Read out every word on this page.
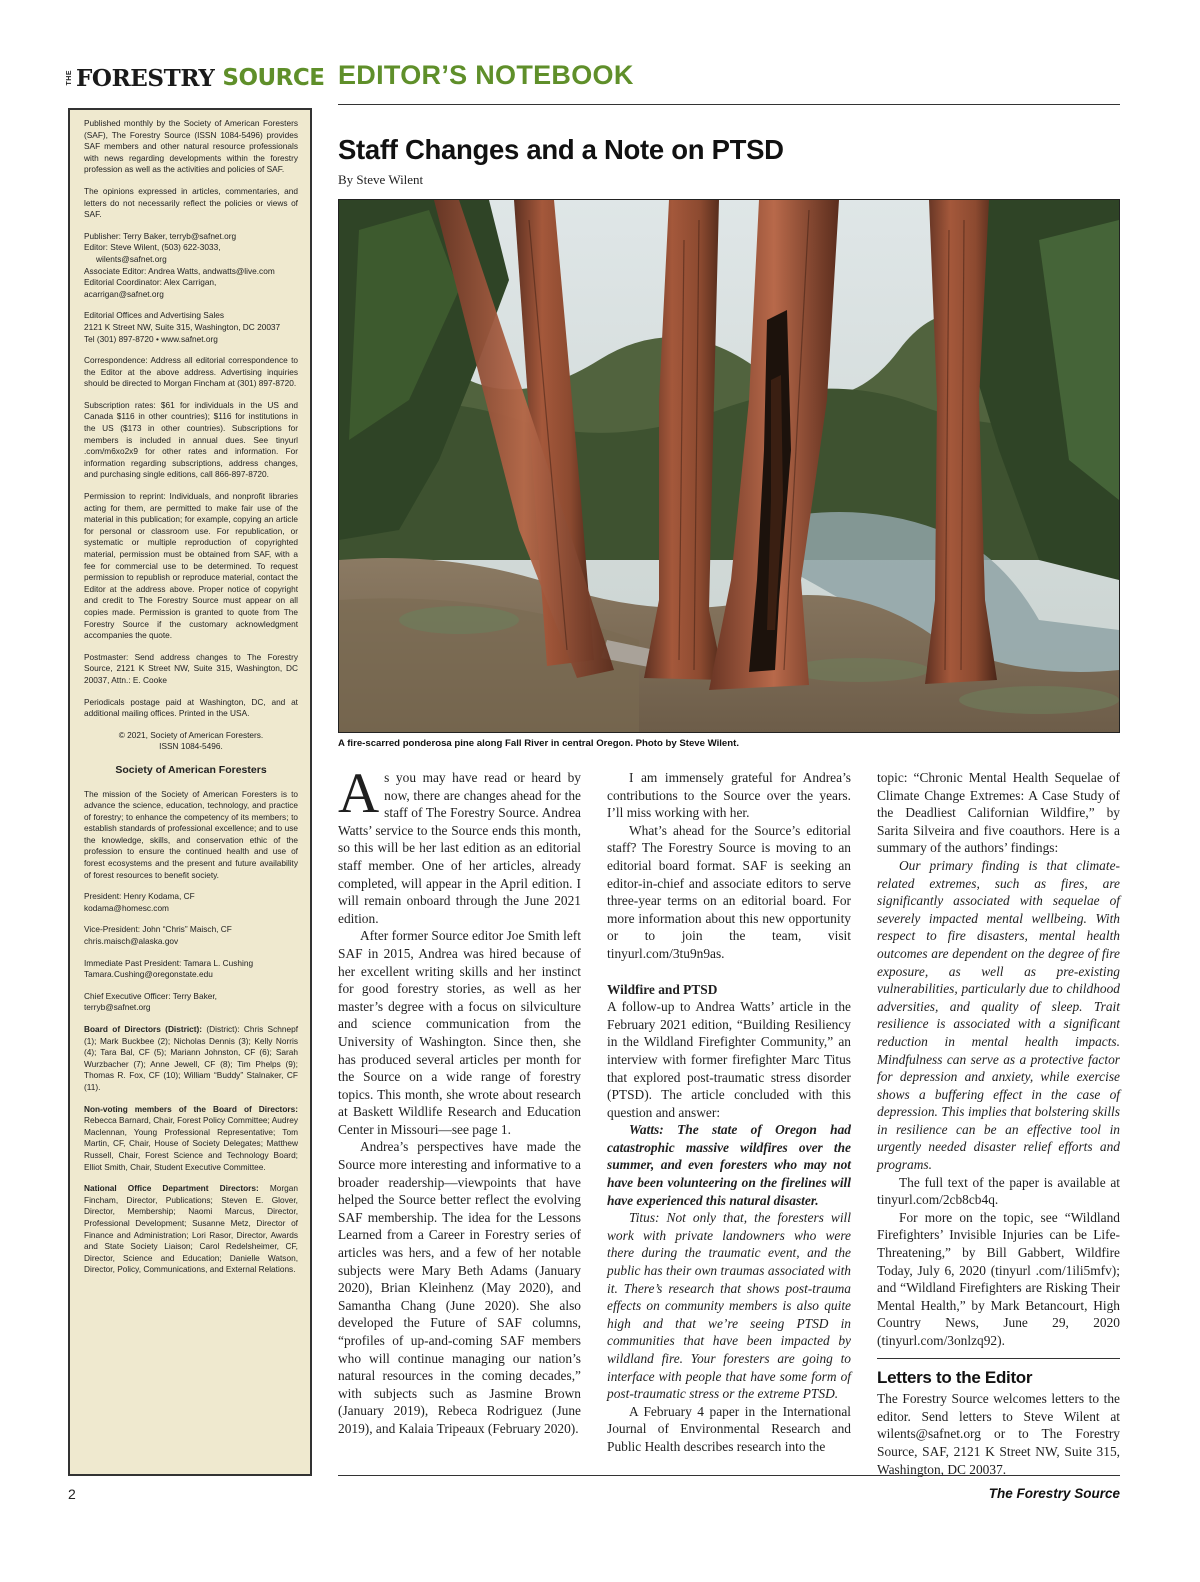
THE FORESTRY SOURCE EDITOR’S NOTEBOOK

Published monthly by the Society of American Foresters (SAF), The Forestry Source (ISSN 1084-5496) provides SAF members and other natural resource professionals with news regarding developments within the forestry profession as well as the activities and policies of SAF.

The opinions expressed in articles, commentaries, and letters do not necessarily reflect the policies or views of SAF.

Publisher: Terry Baker, terryb@safnet.org
Editor: Steve Wilent, (503) 622-3033,
wilents@safnet.org
Associate Editor: Andrea Watts, andwatts@live.com
Editorial Coordinator: Alex Carrigan,
acarrigan@safnet.org

Editorial Offices and Advertising Sales
2121 K Street NW, Suite 315, Washington, DC 20037
Tel (301) 897-8720 • www.safnet.org

Correspondence: Address all editorial correspondence to the Editor at the above address. Advertising inquiries should be directed to Morgan Fincham at (301) 897-8720.

Subscription rates: $61 for individuals in the US and Canada $116 in other countries); $116 for institutions in the US ($173 in other countries). Subscriptions for members is included in annual dues. See tinyurl .com/m6xo2x9 for other rates and information. For information regarding subscriptions, address changes, and purchasing single editions, call 866-897-8720.

Permission to reprint: Individuals, and nonprofit libraries acting for them, are permitted to make fair use of the material in this publication; for example, copying an article for personal or classroom use. For republication, or systematic or multiple reproduction of copyrighted material, permission must be obtained from SAF, with a fee for commercial use to be determined. To request permission to republish or reproduce material, contact the Editor at the address above. Proper notice of copyright and credit to The Forestry Source must appear on all copies made. Permission is granted to quote from The Forestry Source if the customary acknowledgment accompanies the quote.

Postmaster: Send address changes to The Forestry Source, 2121 K Street NW, Suite 315, Washington, DC 20037, Attn.: E. Cooke

Periodicals postage paid at Washington, DC, and at additional mailing offices. Printed in the USA.

© 2021, Society of American Foresters.
ISSN 1084-5496.

Society of American Foresters

The mission of the Society of American Foresters is to advance the science, education, technology, and practice of forestry; to enhance the competency of its members; to establish standards of professional excellence; and to use the knowledge, skills, and conservation ethic of the profession to ensure the continued health and use of forest ecosystems and the present and future availability of forest resources to benefit society.

President: Henry Kodama, CF
kodama@homesc.com

Vice-President: John “Chris” Maisch, CF
chris.maisch@alaska.gov

Immediate Past President: Tamara L. Cushing
Tamara.Cushing@oregonstate.edu

Chief Executive Officer: Terry Baker,
terryb@safnet.org

Board of Directors (District): (District): Chris Schnepf (1); Mark Buckbee (2); Nicholas Dennis (3); Kelly Norris (4); Tara Bal, CF (5); Mariann Johnston, CF (6); Sarah Wurzbacher (7); Anne Jewell, CF (8); Tim Phelps (9); Thomas R. Fox, CF (10); William “Buddy” Stalnaker, CF (11).

Non-voting members of the Board of Directors: Rebecca Barnard, Chair, Forest Policy Committee; Audrey Maclennan, Young Professional Representative; Tom Martin, CF, Chair, House of Society Delegates; Matthew Russell, Chair, Forest Science and Technology Board; Elliot Smith, Chair, Student Executive Committee.

National Office Department Directors: Morgan Fincham, Director, Publications; Steven E. Glover, Director, Membership; Naomi Marcus, Director, Professional Development; Susanne Metz, Director of Finance and Administration; Lori Rasor, Director, Awards and State Society Liaison; Carol Redelsheimer, CF, Director, Science and Education; Danielle Watson, Director, Policy, Communications, and External Relations.

Staff Changes and a Note on PTSD
By Steve Wilent
A fire-scarred ponderosa pine along Fall River in central Oregon. Photo by Steve Wilent.

As you may have read or heard by now, there are changes ahead for the staff of The Forestry Source. Andrea Watts’ service to the Source ends this month, so this will be her last edition as an editorial staff member. One of her articles, already completed, will appear in the April edition. I will remain onboard through the June 2021 edition.

After former Source editor Joe Smith left SAF in 2015, Andrea was hired because of her excellent writing skills and her instinct for good forestry stories, as well as her master’s degree with a focus on silviculture and science communication from the University of Washington. Since then, she has produced several articles per month for the Source on a wide range of forestry topics. This month, she wrote about research at Baskett Wildlife Research and Education Center in Missouri—see page 1.

Andrea’s perspectives have made the Source more interesting and informative to a broader readership—viewpoints that have helped the Source better reflect the evolving SAF membership. The idea for the Lessons Learned from a Career in Forestry series of articles was hers, and a few of her notable subjects were Mary Beth Adams (January 2020), Brian Kleinhenz (May 2020), and Samantha Chang (June 2020). She also developed the Future of SAF columns, “profiles of up-and-coming SAF members who will continue managing our nation’s natural resources in the coming decades,” with subjects such as Jasmine Brown (January 2019), Rebeca Rodriguez (June 2019), and Kalaia Tripeaux (February 2020).

I am immensely grateful for Andrea’s contributions to the Source over the years. I’ll miss working with her.

What’s ahead for the Source’s editorial staff? The Forestry Source is moving to an editorial board format. SAF is seeking an editor-in-chief and associate editors to serve three-year terms on an editorial board. For more information about this new opportunity or to join the team, visit tinyurl.com/3tu9n9as.

Wildfire and PTSD

A follow-up to Andrea Watts’ article in the February 2021 edition, “Building Resiliency in the Wildland Firefighter Community,” an interview with former firefighter Marc Titus that explored post-traumatic stress disorder (PTSD). The article concluded with this question and answer:

Watts: The state of Oregon had catastrophic massive wildfires over the summer, and even foresters who may not have been volunteering on the firelines will have experienced this natural disaster.

Titus: Not only that, the foresters will work with private landowners who were there during the traumatic event, and the public has their own traumas associated with it. There’s research that shows post-trauma effects on community members is also quite high and that we’re seeing PTSD in communities that have been impacted by wildland fire. Your foresters are going to interface with people that have some form of post-traumatic stress or the extreme PTSD.

A February 4 paper in the International Journal of Environmental Research and Public Health describes research into the

topic: “Chronic Mental Health Sequelae of Climate Change Extremes: A Case Study of the Deadliest Californian Wildfire,” by Sarita Silveira and five coauthors. Here is a summary of the authors’ findings:

Our primary finding is that climate-related extremes, such as fires, are significantly associated with sequelae of severely impacted mental wellbeing. With respect to fire disasters, mental health outcomes are dependent on the degree of fire exposure, as well as pre-existing vulnerabilities, particularly due to childhood adversities, and quality of sleep. Trait resilience is associated with a significant reduction in mental health impacts. Mindfulness can serve as a protective factor for depression and anxiety, while exercise shows a buffering effect in the case of depression. This implies that bolstering skills in resilience can be an effective tool in urgently needed disaster relief efforts and programs.

The full text of the paper is available at tinyurl.com/2cb8cb4q.

For more on the topic, see “Wildland Firefighters’ Invisible Injuries can be Life-Threatening,” by Bill Gabbert, Wildfire Today, July 6, 2020 (tinyurl .com/1ili5mfv); and “Wildland Firefighters are Risking Their Mental Health,” by Mark Betancourt, High Country News, June 29, 2020 (tinyurl.com/3onlzq92).

Letters to the Editor

The Forestry Source welcomes letters to the editor. Send letters to Steve Wilent at wilents@safnet.org or to The Forestry Source, SAF, 2121 K Street NW, Suite 315, Washington, DC 20037.

2	The Forestry Source
